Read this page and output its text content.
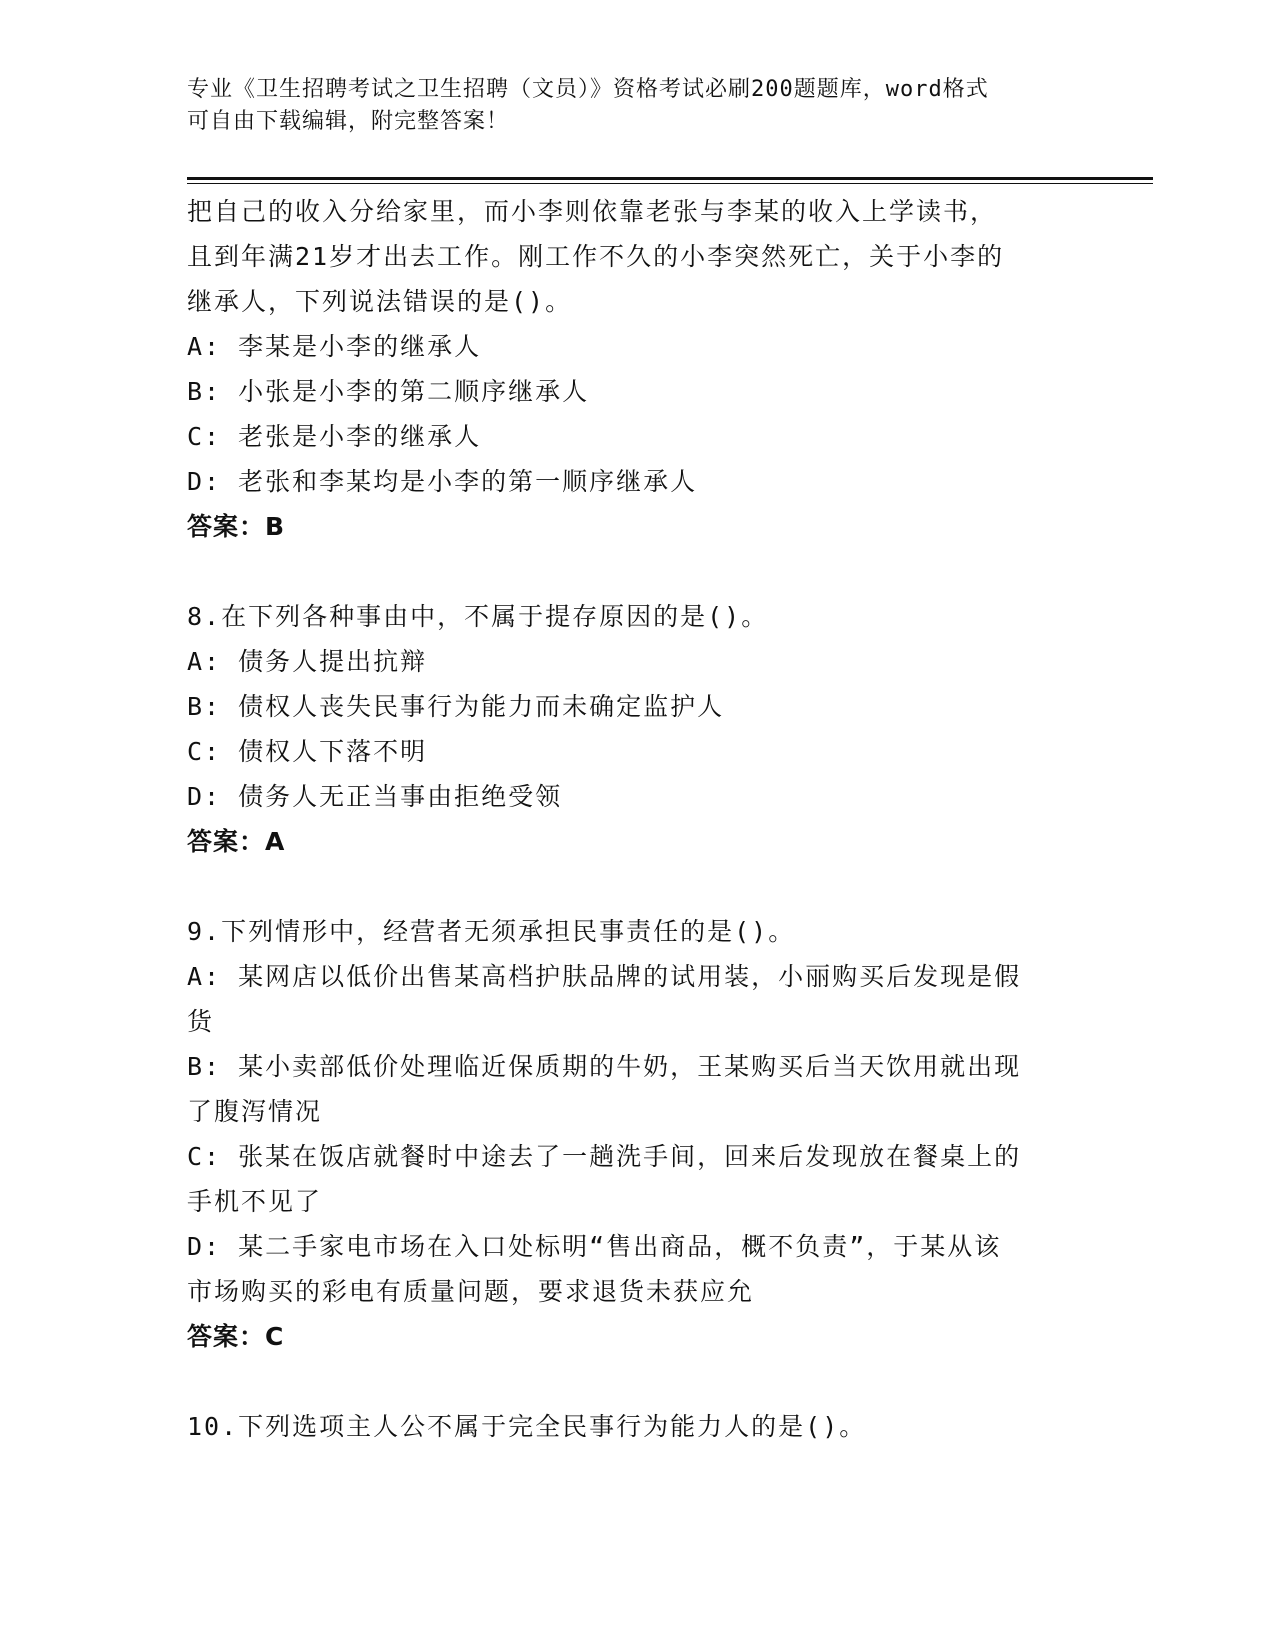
专业《卫生招聘考试之卫生招聘（文员）》资格考试必刷200题题库，word格式
可自由下载编辑，附完整答案！
把自己的收入分给家里，而小李则依靠老张与李某的收入上学读书，
且到年满21岁才出去工作。刚工作不久的小李突然死亡，关于小李的
继承人，下列说法错误的是()。
A: 李某是小李的继承人
B: 小张是小李的第二顺序继承人
C: 老张是小李的继承人
D: 老张和李某均是小李的第一顺序继承人
答案：B
8.在下列各种事由中，不属于提存原因的是()。
A: 债务人提出抗辩
B: 债权人丧失民事行为能力而未确定监护人
C: 债权人下落不明
D: 债务人无正当事由拒绝受领
答案：A
9.下列情形中，经营者无须承担民事责任的是()。
A: 某网店以低价出售某高档护肤品牌的试用装，小丽购买后发现是假
货
B: 某小卖部低价处理临近保质期的牛奶，王某购买后当天饮用就出现
了腹泻情况
C: 张某在饭店就餐时中途去了一趟洗手间，回来后发现放在餐桌上的
手机不见了
D: 某二手家电市场在入口处标明“售出商品，概不负责”，于某从该
市场购买的彩电有质量问题，要求退货未获应允
答案：C
10.下列选项主人公不属于完全民事行为能力人的是()。
